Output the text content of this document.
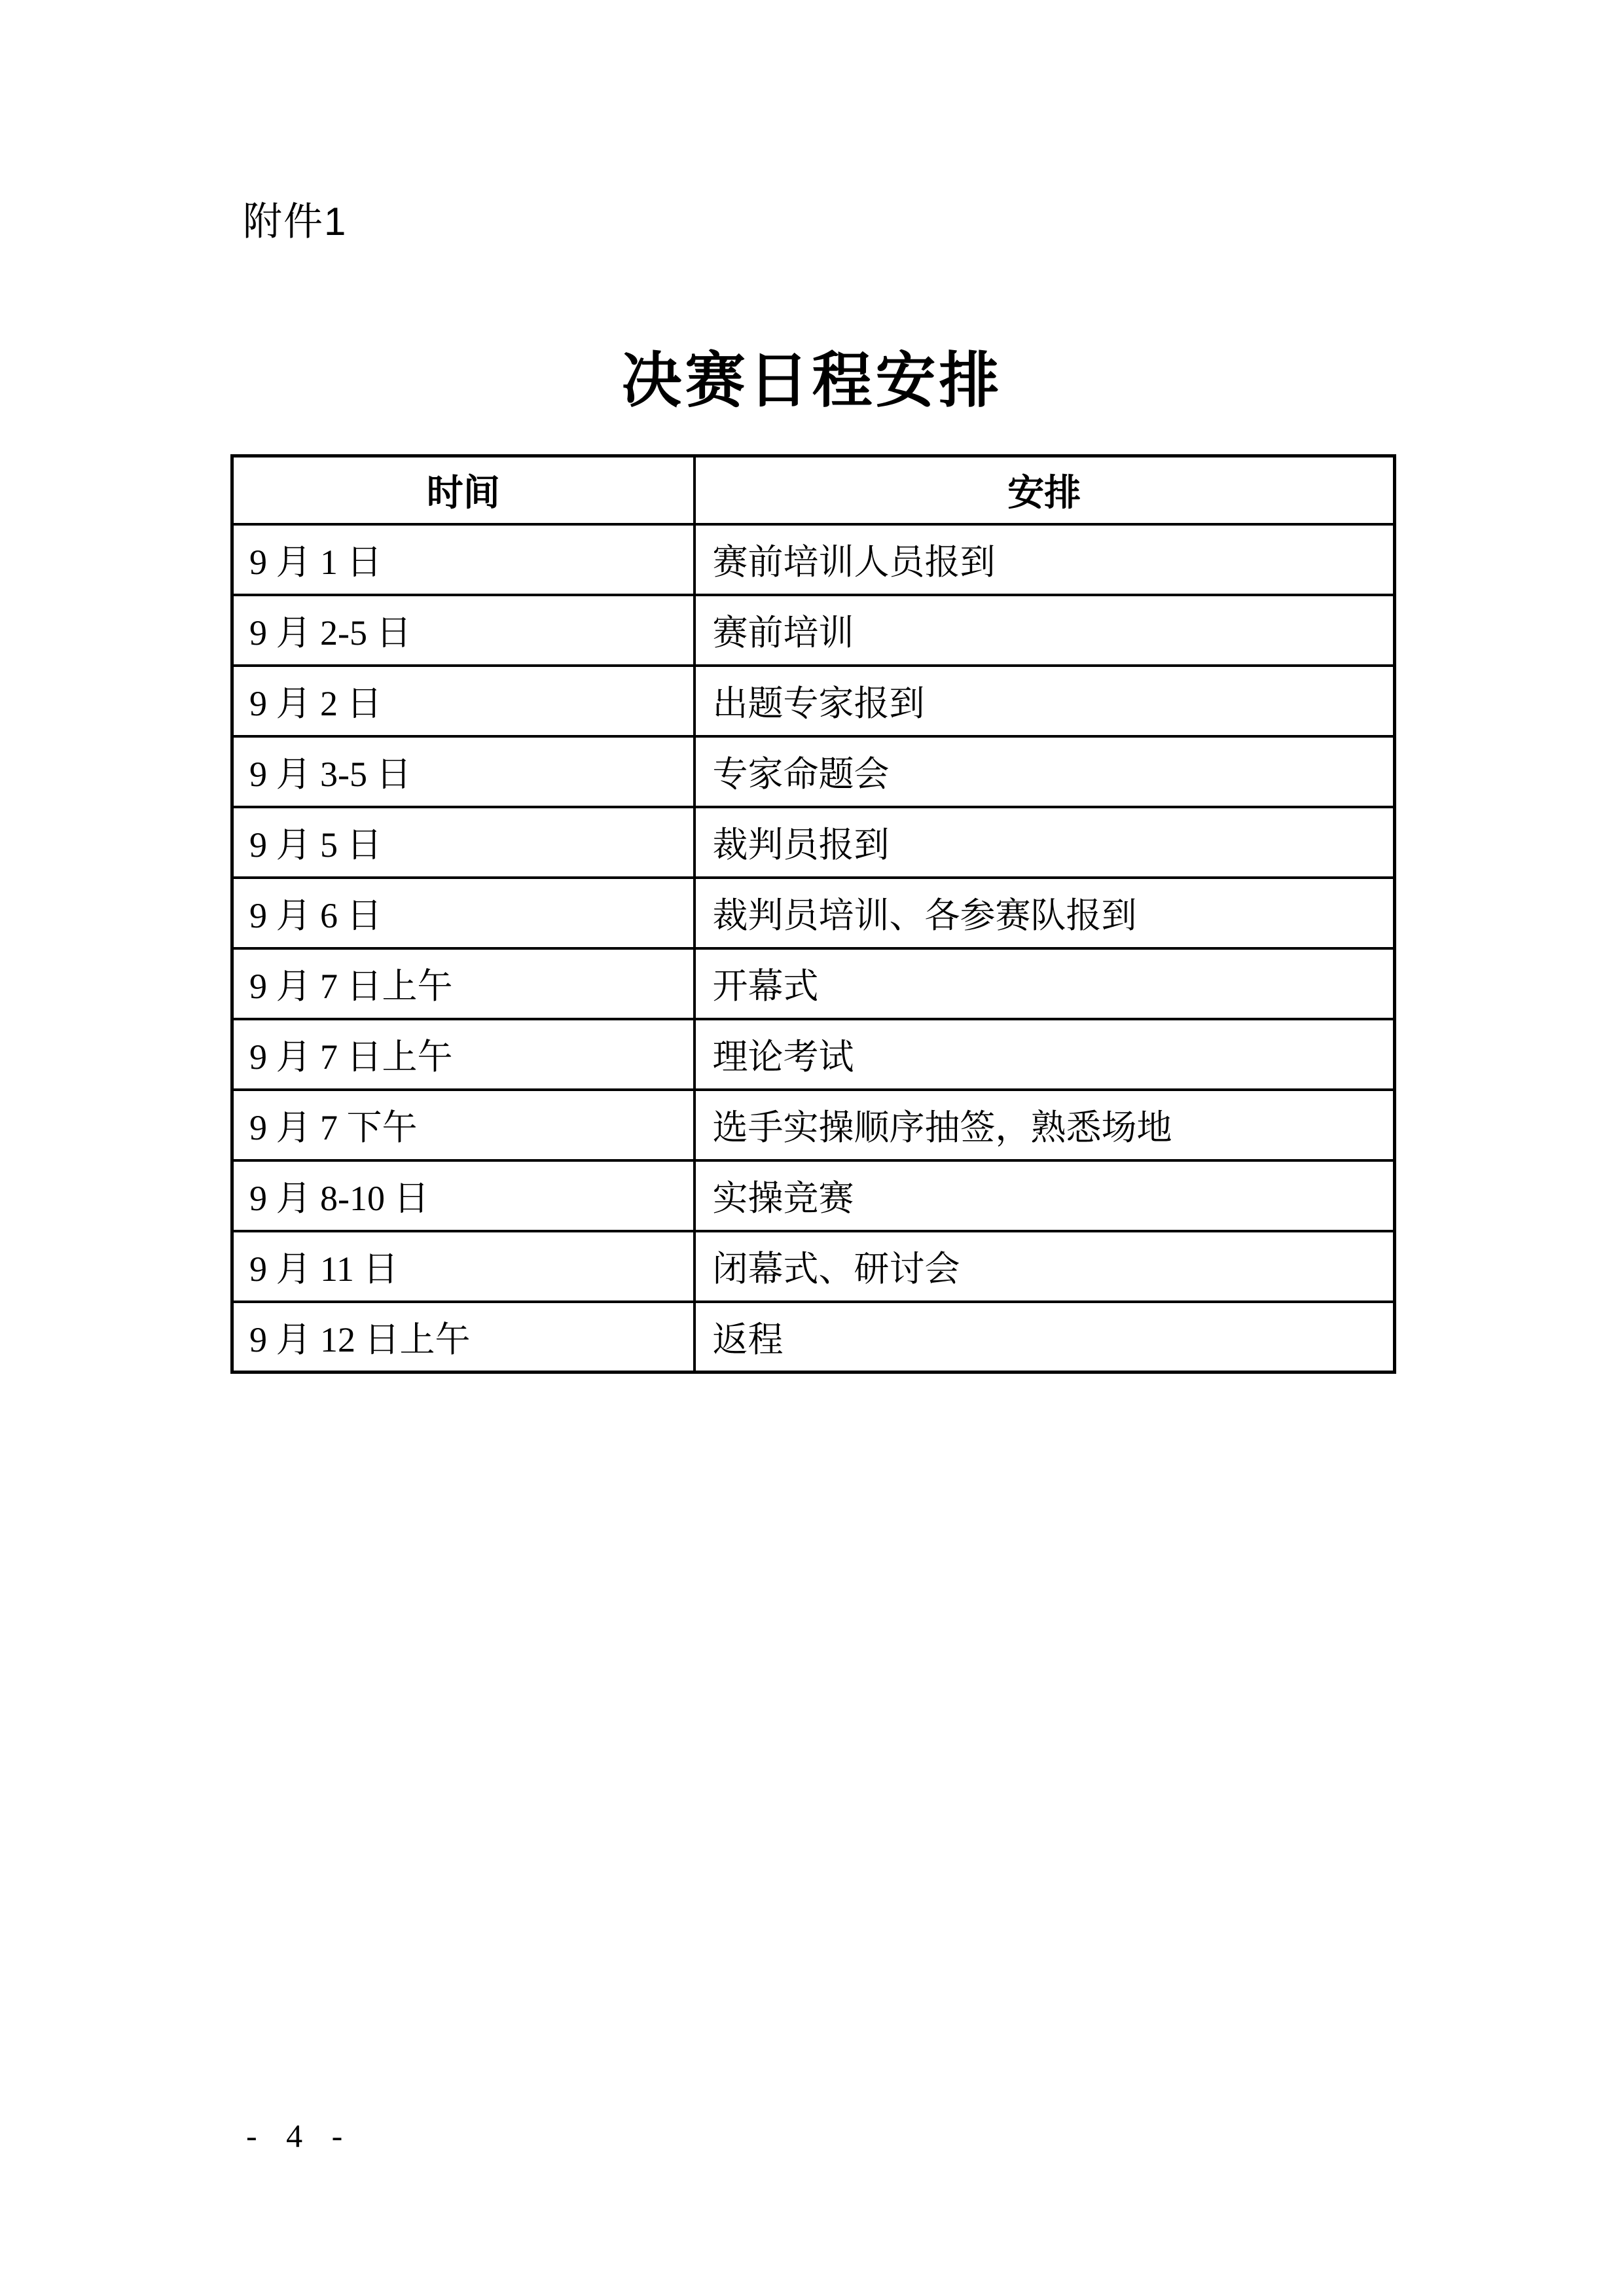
附件1
决赛日程安排
时间	安排
9 月 1 日	赛前培训人员报到
9 月 2-5 日	赛前培训
9 月 2 日	出题专家报到
9 月 3-5 日	专家命题会
9 月 5 日	裁判员报到
9 月 6 日	裁判员培训、各参赛队报到
9 月 7 日上午	开幕式
9 月 7 日上午	理论考试
9 月 7 下午	选手实操顺序抽签，熟悉场地
9 月 8-10 日	实操竞赛
9 月 11 日	闭幕式、研讨会
9 月 12 日上午	返程
- 4 -
